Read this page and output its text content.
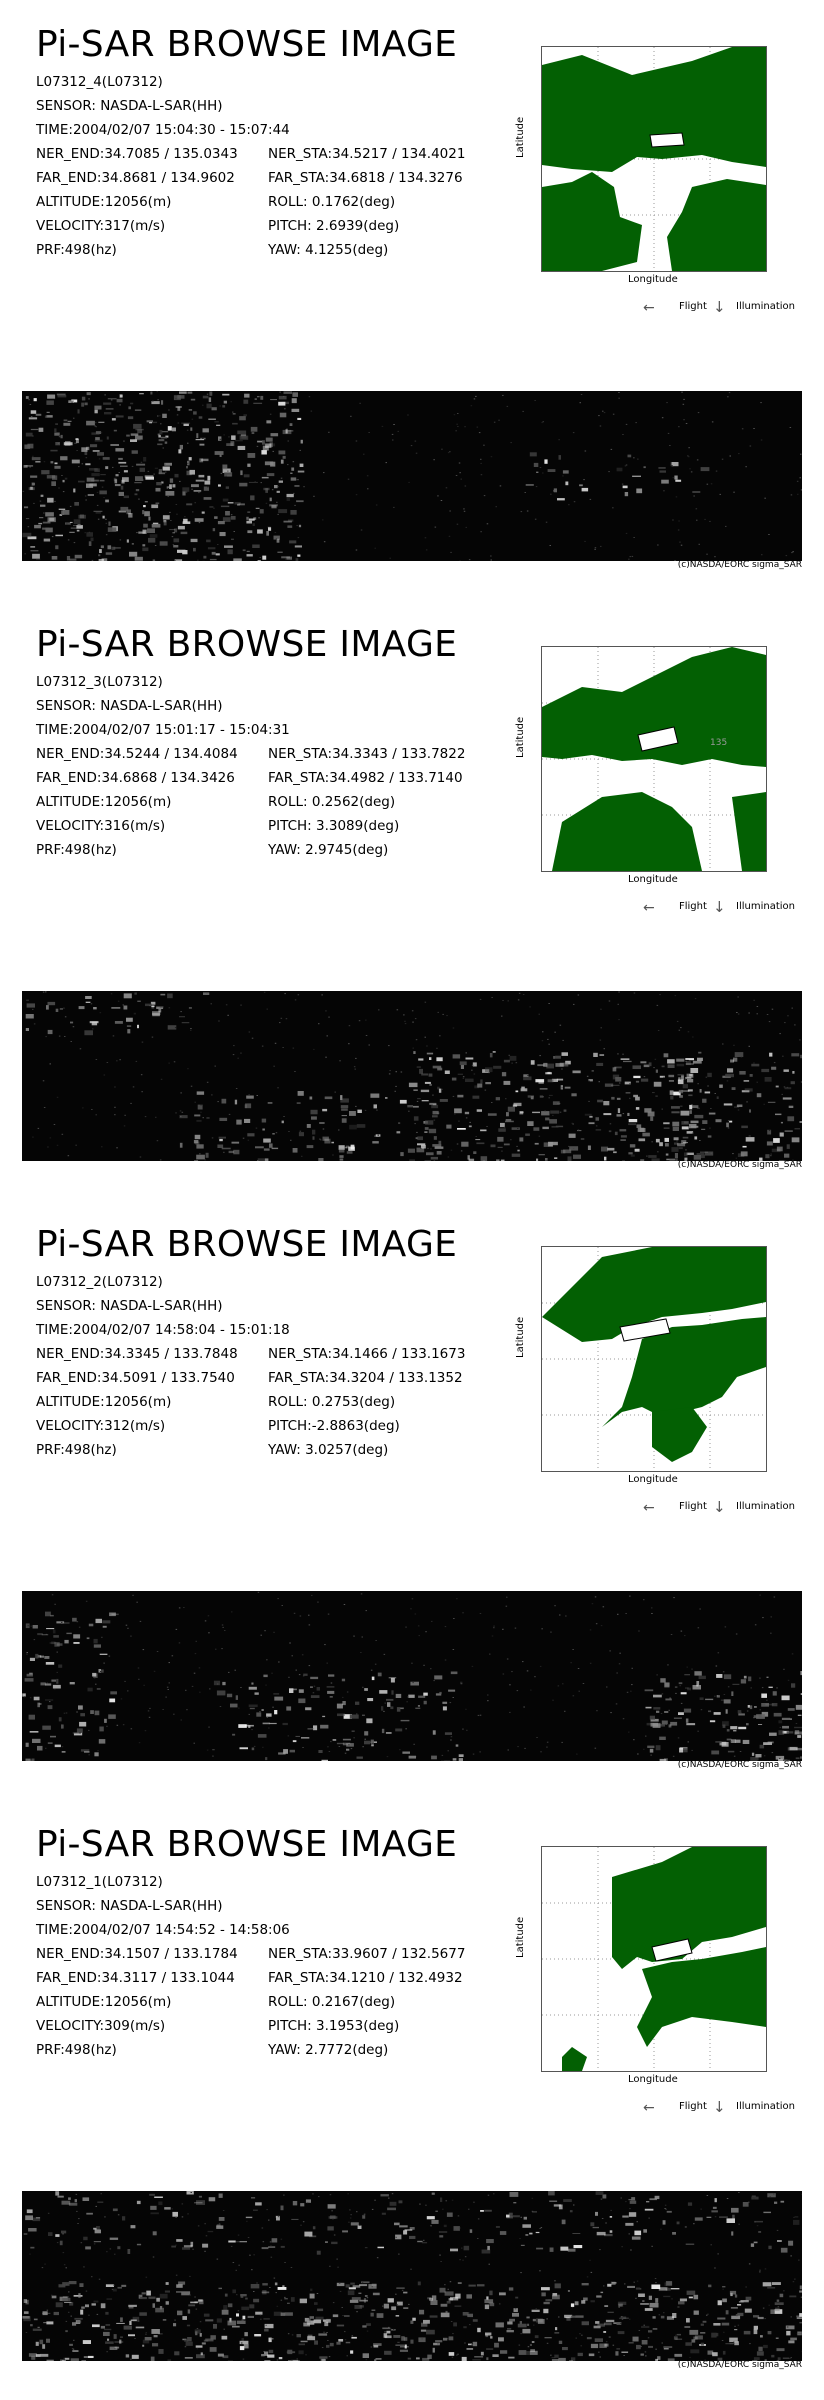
Pi-SAR BROWSE IMAGE
L07312_4(L07312)
SENSOR: NASDA-L-SAR(HH)
TIME:2004/02/07 15:04:30 - 15:07:44
NER_END:34.7085 / 135.0343
FAR_END:34.8681 / 134.9602
ALTITUDE:12056(m)
VELOCITY:317(m/s)
PRF:498(hz)
NER_STA:34.5217 / 134.4021
FAR_STA:34.6818 / 134.3276
ROLL: 0.1762(deg)
PITCH: 2.6939(deg)
YAW: 4.1255(deg)
Latitude
Longitude
← Flight ↓ Illumination
(c)NASDA/EORC sigma_SAR
Pi-SAR BROWSE IMAGE
L07312_3(L07312)
SENSOR: NASDA-L-SAR(HH)
TIME:2004/02/07 15:01:17 - 15:04:31
NER_END:34.5244 / 134.4084
FAR_END:34.6868 / 134.3426
ALTITUDE:12056(m)
VELOCITY:316(m/s)
PRF:498(hz)
NER_STA:34.3343 / 133.7822
FAR_STA:34.4982 / 133.7140
ROLL: 0.2562(deg)
PITCH: 3.3089(deg)
YAW: 2.9745(deg)
135
Latitude
Longitude
← Flight ↓ Illumination
(c)NASDA/EORC sigma_SAR
Pi-SAR BROWSE IMAGE
L07312_2(L07312)
SENSOR: NASDA-L-SAR(HH)
TIME:2004/02/07 14:58:04 - 15:01:18
NER_END:34.3345 / 133.7848
FAR_END:34.5091 / 133.7540
ALTITUDE:12056(m)
VELOCITY:312(m/s)
PRF:498(hz)
NER_STA:34.1466 / 133.1673
FAR_STA:34.3204 / 133.1352
ROLL: 0.2753(deg)
PITCH:-2.8863(deg)
YAW: 3.0257(deg)
Latitude
Longitude
← Flight ↓ Illumination
(c)NASDA/EORC sigma_SAR
Pi-SAR BROWSE IMAGE
L07312_1(L07312)
SENSOR: NASDA-L-SAR(HH)
TIME:2004/02/07 14:54:52 - 14:58:06
NER_END:34.1507 / 133.1784
FAR_END:34.3117 / 133.1044
ALTITUDE:12056(m)
VELOCITY:309(m/s)
PRF:498(hz)
NER_STA:33.9607 / 132.5677
FAR_STA:34.1210 / 132.4932
ROLL: 0.2167(deg)
PITCH: 3.1953(deg)
YAW: 2.7772(deg)
Latitude
Longitude
← Flight ↓ Illumination
(c)NASDA/EORC sigma_SAR
